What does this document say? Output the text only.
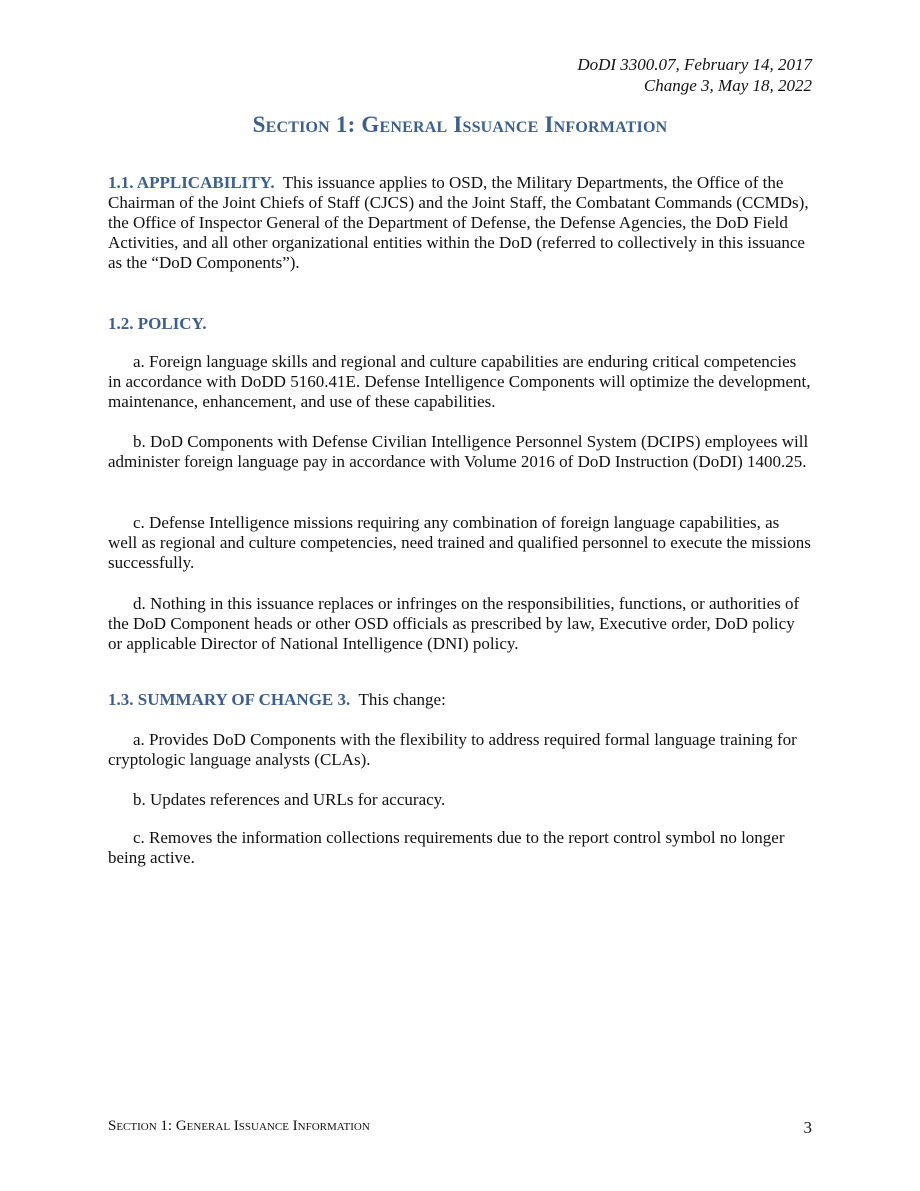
DoDI 3300.07, February 14, 2017
Change 3, May 18, 2022
Section 1: General Issuance Information

1.1. APPLICABILITY. This issuance applies to OSD, the Military Departments, the Office of the Chairman of the Joint Chiefs of Staff (CJCS) and the Joint Staff, the Combatant Commands (CCMDs), the Office of Inspector General of the Department of Defense, the Defense Agencies, the DoD Field Activities, and all other organizational entities within the DoD (referred to collectively in this issuance as the “DoD Components”).

1.2. POLICY.

a. Foreign language skills and regional and culture capabilities are enduring critical competencies in accordance with DoDD 5160.41E. Defense Intelligence Components will optimize the development, maintenance, enhancement, and use of these capabilities.

b. DoD Components with Defense Civilian Intelligence Personnel System (DCIPS) employees will administer foreign language pay in accordance with Volume 2016 of DoD Instruction (DoDI) 1400.25.

c. Defense Intelligence missions requiring any combination of foreign language capabilities, as well as regional and culture competencies, need trained and qualified personnel to execute the missions successfully.

d. Nothing in this issuance replaces or infringes on the responsibilities, functions, or authorities of the DoD Component heads or other OSD officials as prescribed by law, Executive order, DoD policy or applicable Director of National Intelligence (DNI) policy.

1.3. SUMMARY OF CHANGE 3. This change:

a. Provides DoD Components with the flexibility to address required formal language training for cryptologic language analysts (CLAs).

b. Updates references and URLs for accuracy.

c. Removes the information collections requirements due to the report control symbol no longer being active.

Section 1: General Issuance Information	3
